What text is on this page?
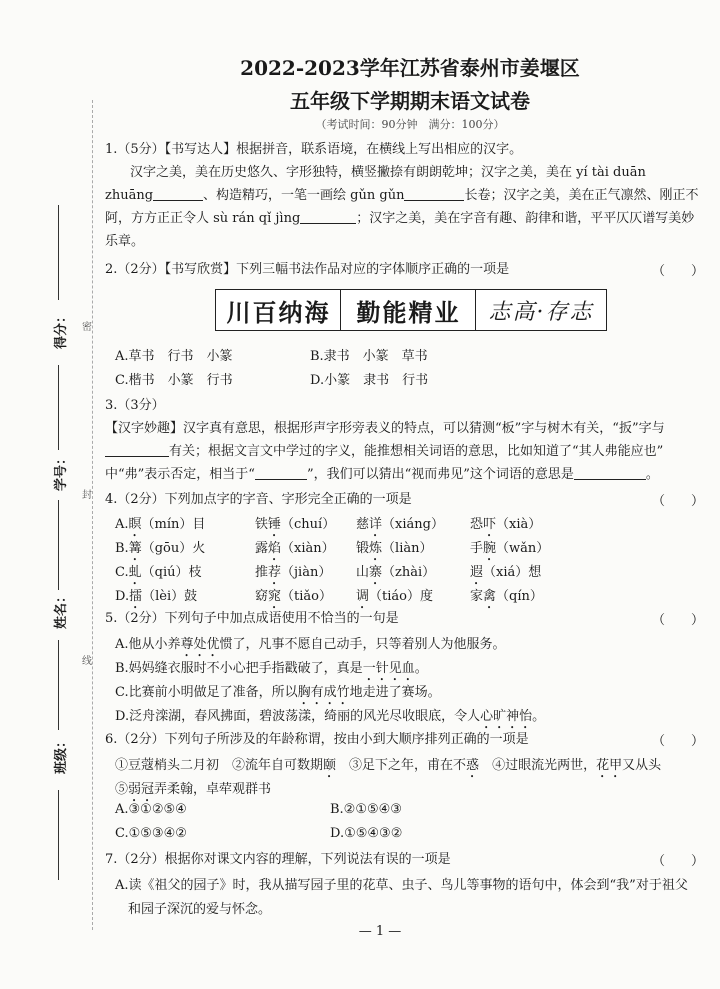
得分：
学号：
姓名：
班级：
密
封
线
2022-2023学年江苏省泰州市姜堰区
五年级下学期期末语文试卷
（考试时间：90分钟　满分：100分）
1.（5分）【书写达人】根据拼音，联系语境，在横线上写出相应的汉字。
汉字之美，美在历史悠久、字形独特，横竖撇捺有朗朗乾坤；汉字之美，美在 yí tài duān
zhuāng	、构造精巧，一笔一画绘 gǔn gǔn	长卷；汉字之美，美在正气凛然、刚正不
阿，方方正正令人 sù rán qǐ jìng	；汉字之美，美在字音有趣、韵律和谐，平平仄仄谱写美妙
乐章。
2.（2分）【书写欣赏】下列三幅书法作品对应的字体顺序正确的一项是	（　　）
川百纳海	勤能精业	志高·存志
A.草书　行书　小篆	B.隶书　小篆　草书
C.楷书　小篆　行书	D.小篆　隶书　行书
3.（3分）
【汉字妙趣】汉字真有意思，根据形声字形旁表义的特点，可以猜测“板”字与树木有关，“扳”字与
有关；根据文言文中学过的字义，能推想相关词语的意思，比如知道了“其人弗能应也”
中“弗”表示否定，相当于“	”，我们可以猜出“视而弗见”这个词语的意思是	。
4.（2分）下列加点字的字音、字形完全正确的一项是	（　　）
A.瞑（mín）目	铁锤（chuí） 慈详（xiáng） 恐吓（xià）
B.篝（gōu）火	露焰（xiàn） 锻炼（liàn）	手腕（wǎn）
C.虬（qiú）枝	推荐（jiàn） 山寨（zhài）	遐（xiá）想
D.擂（lèi）鼓	窈窕（tiǎo） 调（tiáo）度	家禽（qín）
5.（2分）下列句子中加点成语使用不恰当的一句是	（　　）
A.他从小养尊处优惯了，凡事不愿自己动手，只等着别人为他服务。
B.妈妈缝衣服时不小心把手指戳破了，真是一针见血。
C.比赛前小明做足了准备，所以胸有成竹地走进了赛场。
D.泛舟滦湖，春风拂面，碧波荡漾，绮丽的风光尽收眼底，令人心旷神怡。
6.（2分）下列句子所涉及的年龄称谓，按由小到大顺序排列正确的一项是	（　　）
①豆蔻梢头二月初　②流年自可数期颐　③足下之年，甫在不惑　④过眼流光两世，花甲又从头
⑤弱冠弄柔翰，卓荦观群书
A.③①②⑤④	B.②①⑤④③
C.①⑤③④②	D.①⑤④③②
7.（2分）根据你对课文内容的理解，下列说法有误的一项是	（　　）
A.读《祖父的园子》时，我从描写园子里的花草、虫子、鸟儿等事物的语句中，体会到“我”对于祖父
和园子深沉的爱与怀念。
— 1 —
